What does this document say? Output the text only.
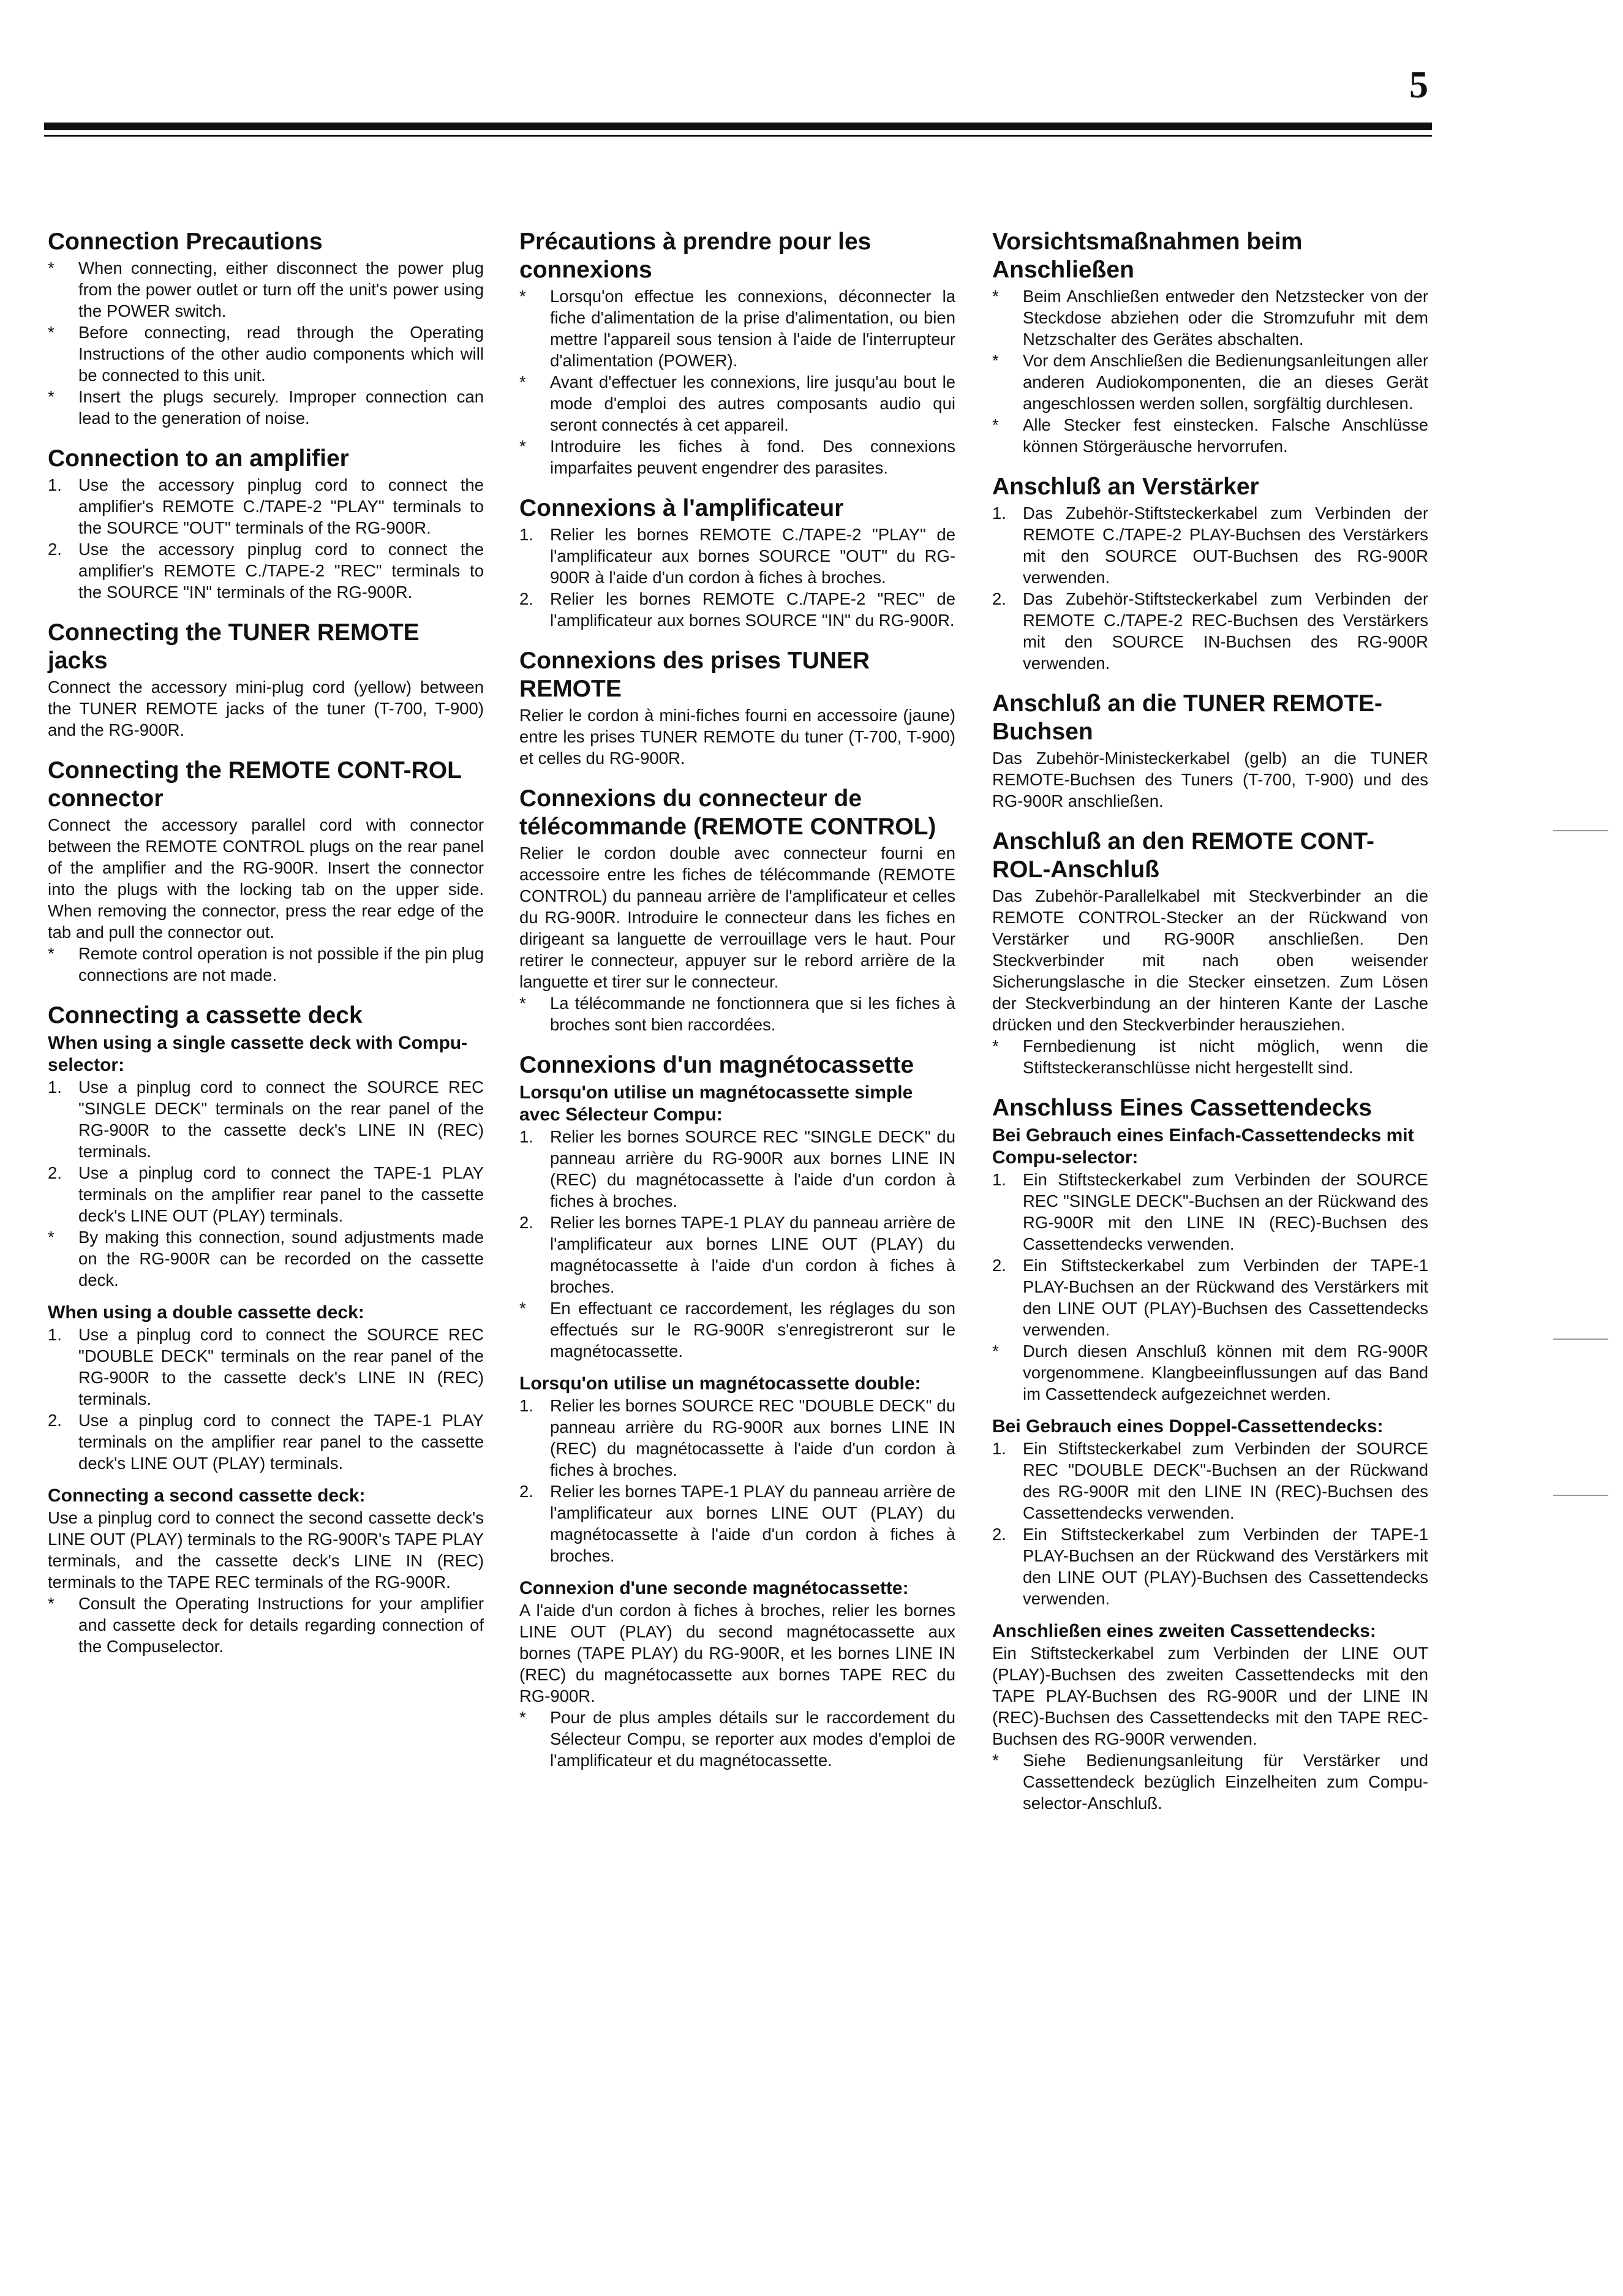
5
Connection Precautions
* When connecting, either disconnect the power plug from the power outlet or turn off the unit's power using the POWER switch.
* Before connecting, read through the Operating Instructions of the other audio components which will be connected to this unit.
* Insert the plugs securely. Improper connection can lead to the generation of noise.
Connection to an amplifier
1. Use the accessory pinplug cord to connect the amplifier's REMOTE C./TAPE-2 "PLAY" terminals to the SOURCE "OUT" terminals of the RG-900R.
2. Use the accessory pinplug cord to connect the amplifier's REMOTE C./TAPE-2 "REC" terminals to the SOURCE "IN" terminals of the RG-900R.
Connecting the TUNER REMOTE jacks

Connect the accessory mini-plug cord (yellow) between the TUNER REMOTE jacks of the tuner (T-700, T-900) and the RG-900R.

Connecting the REMOTE CONT-ROL connector

Connect the accessory parallel cord with connector between the REMOTE CONTROL plugs on the rear panel of the amplifier and the RG-900R. Insert the connector into the plugs with the locking tab on the upper side. When removing the connector, press the rear edge of the tab and pull the connector out.

* Remote control operation is not possible if the pin plug connections are not made.
Connecting a cassette deck
When using a single cassette deck with Compu-selector:
1. Use a pinplug cord to connect the SOURCE REC "SINGLE DECK" terminals on the rear panel of the RG-900R to the cassette deck's LINE IN (REC) terminals.
2. Use a pinplug cord to connect the TAPE-1 PLAY terminals on the amplifier rear panel to the cassette deck's LINE OUT (PLAY) terminals.
* By making this connection, sound adjustments made on the RG-900R can be recorded on the cassette deck.
When using a double cassette deck:
1. Use a pinplug cord to connect the SOURCE REC "DOUBLE DECK" terminals on the rear panel of the RG-900R to the cassette deck's LINE IN (REC) terminals.
2. Use a pinplug cord to connect the TAPE-1 PLAY terminals on the amplifier rear panel to the cassette deck's LINE OUT (PLAY) terminals.
Connecting a second cassette deck:

Use a pinplug cord to connect the second cassette deck's LINE OUT (PLAY) terminals to the RG-900R's TAPE PLAY terminals, and the cassette deck's LINE IN (REC) terminals to the TAPE REC terminals of the RG-900R.

* Consult the Operating Instructions for your amplifier and cassette deck for details regarding connection of the Compuselector.
Précautions à prendre pour les connexions
* Lorsqu'on effectue les connexions, déconnecter la fiche d'alimentation de la prise d'alimentation, ou bien mettre l'appareil sous tension à l'aide de l'interrupteur d'alimentation (POWER).
* Avant d'effectuer les connexions, lire jusqu'au bout le mode d'emploi des autres composants audio qui seront connectés à cet appareil.
* Introduire les fiches à fond. Des connexions imparfaites peuvent engendrer des parasites.
Connexions à l'amplificateur
1. Relier les bornes REMOTE C./TAPE-2 "PLAY" de l'amplificateur aux bornes SOURCE "OUT" du RG-900R à l'aide d'un cordon à fiches à broches.
2. Relier les bornes REMOTE C./TAPE-2 "REC" de l'amplificateur aux bornes SOURCE "IN" du RG-900R.
Connexions des prises TUNER REMOTE

Relier le cordon à mini-fiches fourni en accessoire (jaune) entre les prises TUNER REMOTE du tuner (T-700, T-900) et celles du RG-900R.

Connexions du connecteur de télécommande (REMOTE CONTROL)

Relier le cordon double avec connecteur fourni en accessoire entre les fiches de télécommande (REMOTE CONTROL) du panneau arrière de l'amplificateur et celles du RG-900R. Introduire le connecteur dans les fiches en dirigeant sa languette de verrouillage vers le haut. Pour retirer le connecteur, appuyer sur le rebord arrière de la languette et tirer sur le connecteur.

* La télécommande ne fonctionnera que si les fiches à broches sont bien raccordées.
Connexions d'un magnétocassette
Lorsqu'on utilise un magnétocassette simple avec Sélecteur Compu:
1. Relier les bornes SOURCE REC "SINGLE DECK" du panneau arrière du RG-900R aux bornes LINE IN (REC) du magnétocassette à l'aide d'un cordon à fiches à broches.
2. Relier les bornes TAPE-1 PLAY du panneau arrière de l'amplificateur aux bornes LINE OUT (PLAY) du magnétocassette à l'aide d'un cordon à fiches à broches.
* En effectuant ce raccordement, les réglages du son effectués sur le RG-900R s'enregistreront sur le magnétocassette.
Lorsqu'on utilise un magnétocassette double:
1. Relier les bornes SOURCE REC "DOUBLE DECK" du panneau arrière du RG-900R aux bornes LINE IN (REC) du magnétocassette à l'aide d'un cordon à fiches à broches.
2. Relier les bornes TAPE-1 PLAY du panneau arrière de l'amplificateur aux bornes LINE OUT (PLAY) du magnétocassette à l'aide d'un cordon à fiches à broches.
Connexion d'une seconde magnétocassette:

A l'aide d'un cordon à fiches à broches, relier les bornes LINE OUT (PLAY) du second magnétocassette aux bornes (TAPE PLAY) du RG-900R, et les bornes LINE IN (REC) du magnétocassette aux bornes TAPE REC du RG-900R.

* Pour de plus amples détails sur le raccordement du Sélecteur Compu, se reporter aux modes d'emploi de l'amplificateur et du magnétocassette.
Vorsichtsmaßnahmen beim Anschließen
* Beim Anschließen entweder den Netzstecker von der Steckdose abziehen oder die Stromzufuhr mit dem Netzschalter des Gerätes abschalten.
* Vor dem Anschließen die Bedienungsanleitungen aller anderen Audiokomponenten, die an dieses Gerät angeschlossen werden sollen, sorgfältig durchlesen.
* Alle Stecker fest einstecken. Falsche Anschlüsse können Störgeräusche hervorrufen.
Anschluß an Verstärker
1. Das Zubehör-Stiftsteckerkabel zum Verbinden der REMOTE C./TAPE-2 PLAY-Buchsen des Verstärkers mit den SOURCE OUT-Buchsen des RG-900R verwenden.
2. Das Zubehör-Stiftsteckerkabel zum Verbinden der REMOTE C./TAPE-2 REC-Buchsen des Verstärkers mit den SOURCE IN-Buchsen des RG-900R verwenden.
Anschluß an die TUNER REMOTE-Buchsen

Das Zubehör-Ministeckerkabel (gelb) an die TUNER REMOTE-Buchsen des Tuners (T-700, T-900) und des RG-900R anschließen.

Anschluß an den REMOTE CONT-ROL-Anschluß

Das Zubehör-Parallelkabel mit Steckverbinder an die REMOTE CONTROL-Stecker an der Rückwand von Verstärker und RG-900R anschließen. Den Steckverbinder mit nach oben weisender Sicherungslasche in die Stecker einsetzen. Zum Lösen der Steckverbindung an der hinteren Kante der Lasche drücken und den Steckverbinder herausziehen.

* Fernbedienung ist nicht möglich, wenn die Stiftsteckeranschlüsse nicht hergestellt sind.
Anschluss Eines Cassettendecks
Bei Gebrauch eines Einfach-Cassettendecks mit Compu-selector:
1. Ein Stiftsteckerkabel zum Verbinden der SOURCE REC "SINGLE DECK"-Buchsen an der Rückwand des RG-900R mit den LINE IN (REC)-Buchsen des Cassettendecks verwenden.
2. Ein Stiftsteckerkabel zum Verbinden der TAPE-1 PLAY-Buchsen an der Rückwand des Verstärkers mit den LINE OUT (PLAY)-Buchsen des Cassettendecks verwenden.
* Durch diesen Anschluß können mit dem RG-900R vorgenommene. Klangbeeinflussungen auf das Band im Cassettendeck aufgezeichnet werden.
Bei Gebrauch eines Doppel-Cassettendecks:
1. Ein Stiftsteckerkabel zum Verbinden der SOURCE REC "DOUBLE DECK"-Buchsen an der Rückwand des RG-900R mit den LINE IN (REC)-Buchsen des Cassettendecks verwenden.
2. Ein Stiftsteckerkabel zum Verbinden der TAPE-1 PLAY-Buchsen an der Rückwand des Verstärkers mit den LINE OUT (PLAY)-Buchsen des Cassettendecks verwenden.
Anschließen eines zweiten Cassettendecks:

Ein Stiftsteckerkabel zum Verbinden der LINE OUT (PLAY)-Buchsen des zweiten Cassettendecks mit den TAPE PLAY-Buchsen des RG-900R und der LINE IN (REC)-Buchsen des Cassettendecks mit den TAPE REC-Buchsen des RG-900R verwenden.

* Siehe Bedienungsanleitung für Verstärker und Cassettendeck bezüglich Einzelheiten zum Compu-selector-Anschluß.
